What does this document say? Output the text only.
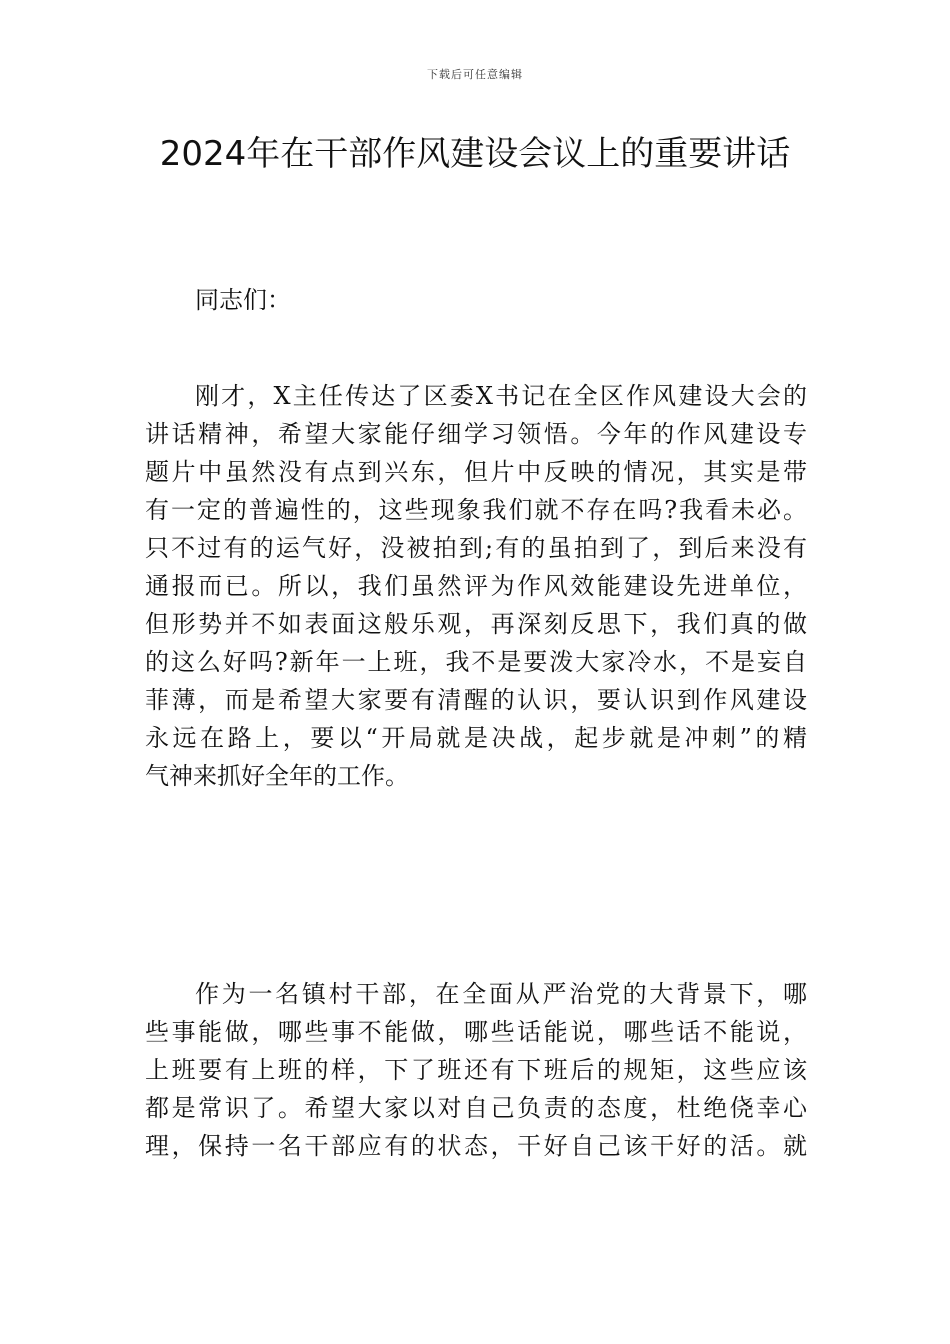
下载后可任意编辑
2024年在干部作风建设会议上的重要讲话

同志们：

刚才，X主任传达了区委X书记在全区作风建设大会的
讲话精神，希望大家能仔细学习领悟。今年的作风建设专
题片中虽然没有点到兴东，但片中反映的情况，其实是带
有一定的普遍性的，这些现象我们就不存在吗?我看未必。
只不过有的运气好，没被拍到;有的虽拍到了，到后来没有
通报而已。所以，我们虽然评为作风效能建设先进单位，
但形势并不如表面这般乐观，再深刻反思下，我们真的做
的这么好吗?新年一上班，我不是要泼大家冷水，不是妄自
菲薄，而是希望大家要有清醒的认识，要认识到作风建设
永远在路上，要以“开局就是决战，起步就是冲刺”的精
气神来抓好全年的工作。
作为一名镇村干部，在全面从严治党的大背景下，哪
些事能做，哪些事不能做，哪些话能说，哪些话不能说，
上班要有上班的样，下了班还有下班后的规矩，这些应该
都是常识了。希望大家以对自己负责的态度，杜绝侥幸心
理，保持一名干部应有的状态，干好自己该干好的活。就
